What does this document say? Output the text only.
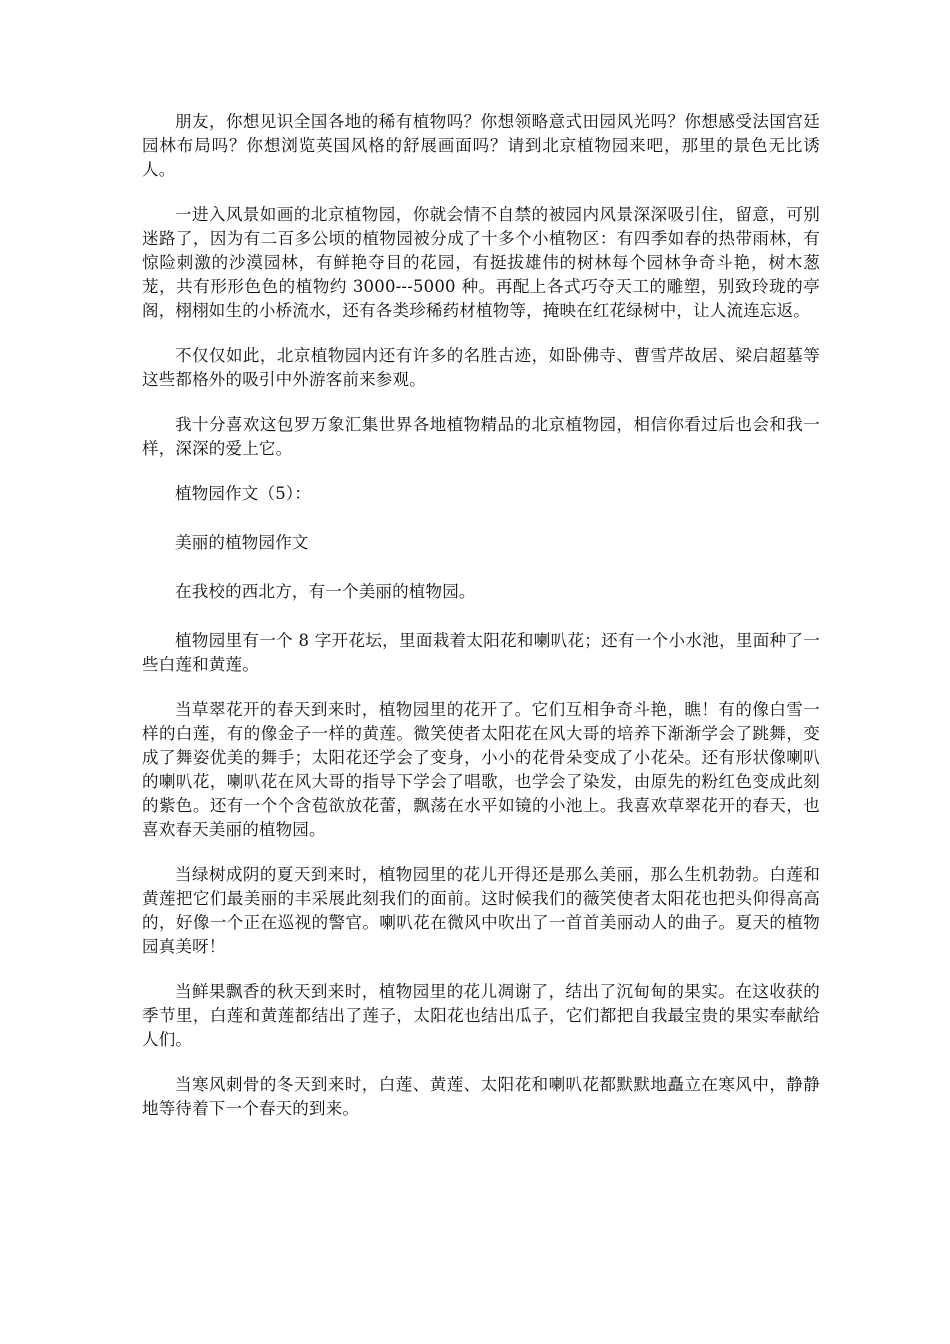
朋友，你想见识全国各地的稀有植物吗？你想领略意式田园风光吗？你想感受法国宫廷园林布局吗？你想浏览英国风格的舒展画面吗？请到北京植物园来吧，那里的景色无比诱人。

一进入风景如画的北京植物园，你就会情不自禁的被园内风景深深吸引住，留意，可别迷路了，因为有二百多公顷的植物园被分成了十多个小植物区：有四季如春的热带雨林，有惊险刺激的沙漠园林，有鲜艳夺目的花园，有挺拔雄伟的树林每个园林争奇斗艳，树木葱茏，共有形形色色的植物约 3000---5000 种。再配上各式巧夺天工的雕塑，别致玲珑的亭阁，栩栩如生的小桥流水，还有各类珍稀药材植物等，掩映在红花绿树中，让人流连忘返。

不仅仅如此，北京植物园内还有许多的名胜古迹，如卧佛寺、曹雪芹故居、梁启超墓等这些都格外的吸引中外游客前来参观。

我十分喜欢这包罗万象汇集世界各地植物精品的北京植物园，相信你看过后也会和我一样，深深的爱上它。

植物园作文（5）：

美丽的植物园作文

在我校的西北方，有一个美丽的植物园。

植物园里有一个 8 字开花坛，里面栽着太阳花和喇叭花；还有一个小水池，里面种了一些白莲和黄莲。

当草翠花开的春天到来时，植物园里的花开了。它们互相争奇斗艳，瞧！有的像白雪一样的白莲，有的像金子一样的黄莲。微笑使者太阳花在风大哥的培养下渐渐学会了跳舞，变成了舞姿优美的舞手；太阳花还学会了变身，小小的花骨朵变成了小花朵。还有形状像喇叭的喇叭花，喇叭花在风大哥的指导下学会了唱歌，也学会了染发，由原先的粉红色变成此刻的紫色。还有一个个含苞欲放花蕾，飘荡在水平如镜的小池上。我喜欢草翠花开的春天，也喜欢春天美丽的植物园。

当绿树成阴的夏天到来时，植物园里的花儿开得还是那么美丽，那么生机勃勃。白莲和黄莲把它们最美丽的丰采展此刻我们的面前。这时候我们的薇笑使者太阳花也把头仰得高高的，好像一个正在巡视的警官。喇叭花在微风中吹出了一首首美丽动人的曲子。夏天的植物园真美呀！

当鲜果飘香的秋天到来时，植物园里的花儿凋谢了，结出了沉甸甸的果实。在这收获的季节里，白莲和黄莲都结出了莲子，太阳花也结出瓜子，它们都把自我最宝贵的果实奉献给人们。

当寒风刺骨的冬天到来时，白莲、黄莲、太阳花和喇叭花都默默地矗立在寒风中，静静地等待着下一个春天的到来。
